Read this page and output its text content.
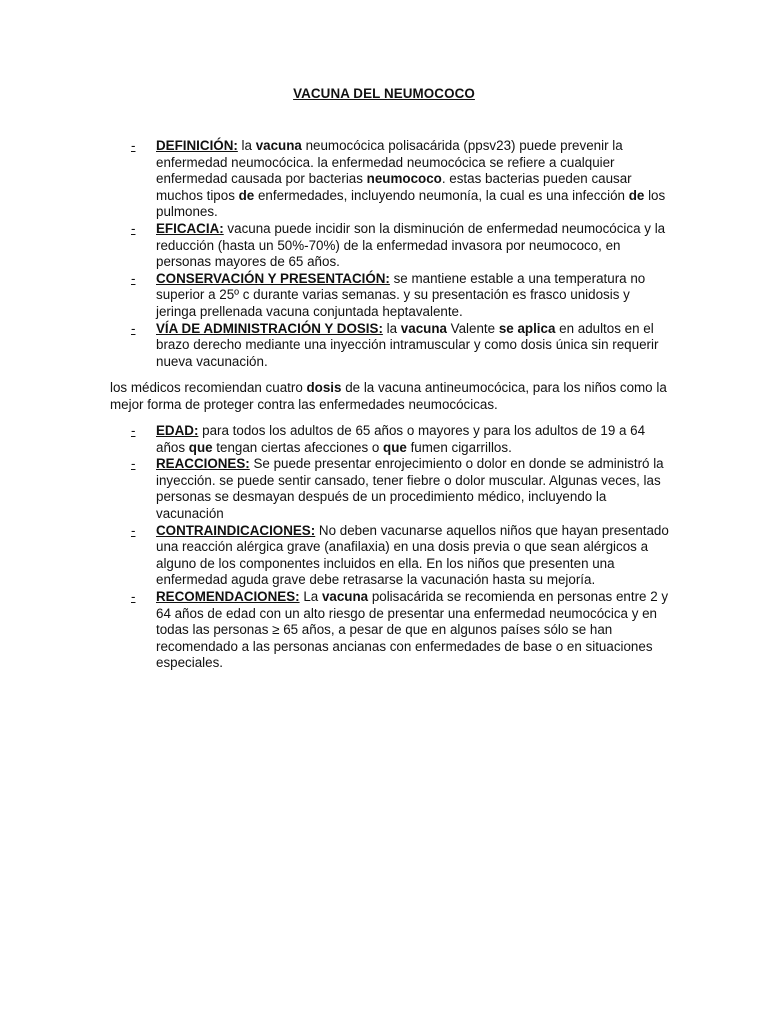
VACUNA DEL NEUMOCOCO
-	DEFINICIÓN: la vacuna neumocócica polisacárida (ppsv23) puede prevenir la enfermedad neumocócica. la enfermedad neumocócica se refiere a cualquier enfermedad causada por bacterias neumococo. estas bacterias pueden causar muchos tipos de enfermedades, incluyendo neumonía, la cual es una infección de los pulmones.
-	EFICACIA: vacuna puede incidir son la disminución de enfermedad neumocócica y la reducción (hasta un 50%-70%) de la enfermedad invasora por neumococo, en personas mayores de 65 años.
-	CONSERVACIÓN Y PRESENTACIÓN: se mantiene estable a una temperatura no superior a 25º c durante varias semanas. y su presentación es frasco unidosis y jeringa prellenada vacuna conjuntada heptavalente.
-	VÍA DE ADMINISTRACIÓN Y DOSIS: la vacuna Valente se aplica en adultos en el brazo derecho mediante una inyección intramuscular y como dosis única sin requerir nueva vacunación.
los médicos recomiendan cuatro dosis de la vacuna antineumocócica, para los niños como la mejor forma de proteger contra las enfermedades neumocócicas.
-	EDAD: para todos los adultos de 65 años o mayores y para los adultos de 19 a 64 años que tengan ciertas afecciones o que fumen cigarrillos.
-	REACCIONES: Se puede presentar enrojecimiento o dolor en donde se administró la inyección. se puede sentir cansado, tener fiebre o dolor muscular. Algunas veces, las personas se desmayan después de un procedimiento médico, incluyendo la vacunación
-	CONTRAINDICACIONES: No deben vacunarse aquellos niños que hayan presentado una reacción alérgica grave (anafilaxia) en una dosis previa o que sean alérgicos a alguno de los componentes incluidos en ella. En los niños que presenten una enfermedad aguda grave debe retrasarse la vacunación hasta su mejoría.
-	RECOMENDACIONES: La vacuna polisacárida se recomienda en personas entre 2 y 64 años de edad con un alto riesgo de presentar una enfermedad neumocócica y en todas las personas ≥ 65 años, a pesar de que en algunos países sólo se han recomendado a las personas ancianas con enfermedades de base o en situaciones especiales.
